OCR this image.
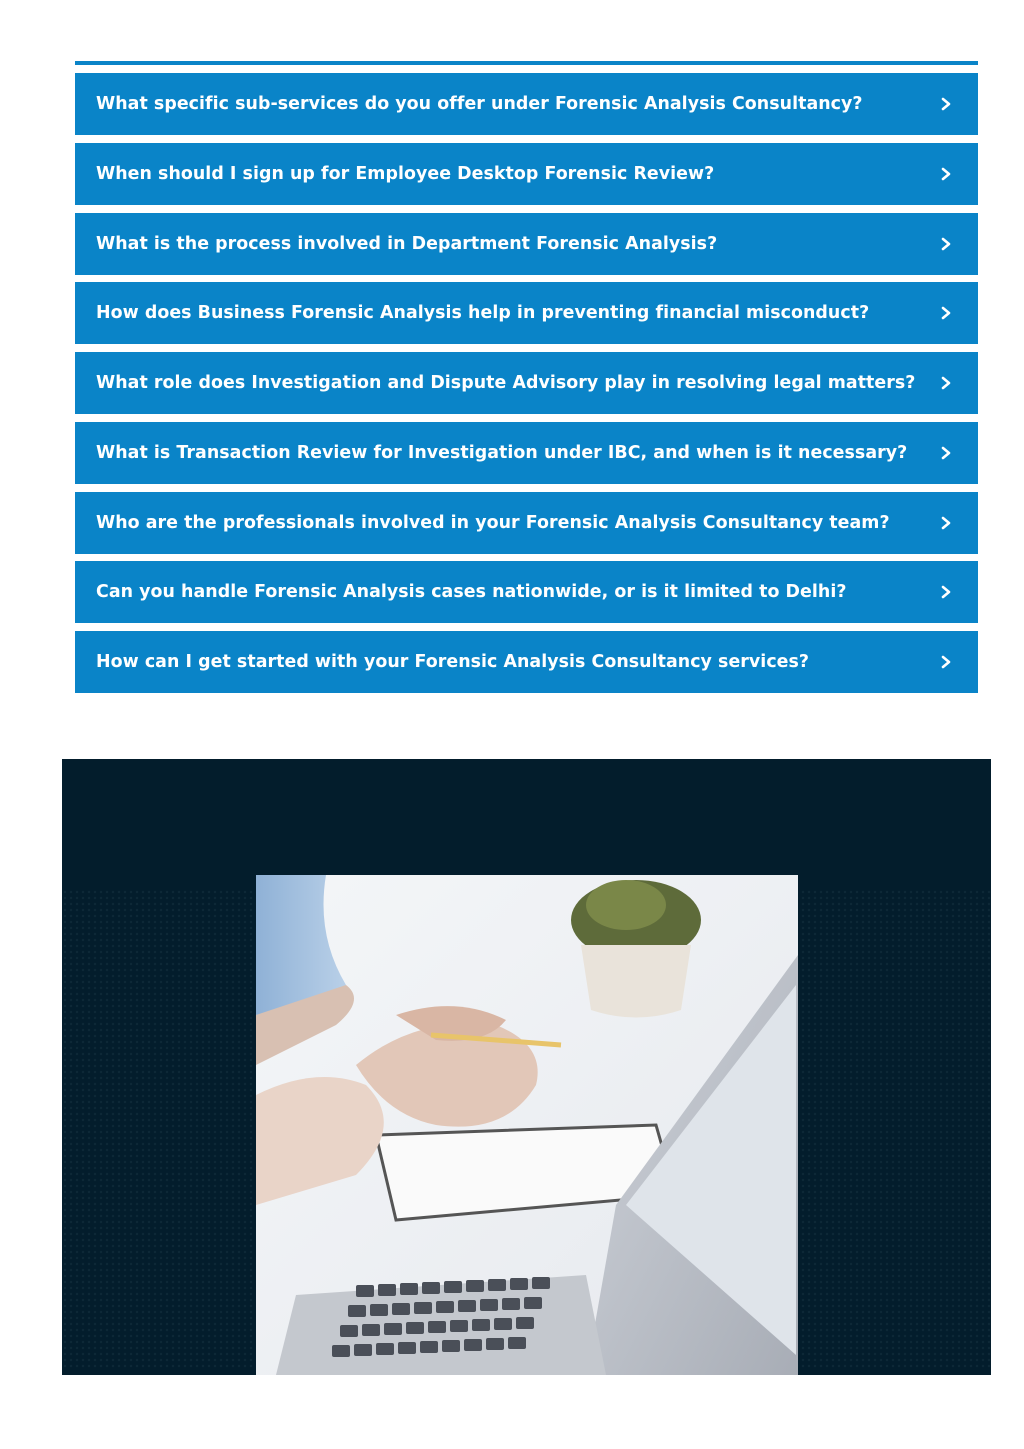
What specific sub-services do you offer under Forensic Analysis Consultancy?
When should I sign up for Employee Desktop Forensic Review?
What is the process involved in Department Forensic Analysis?
How does Business Forensic Analysis help in preventing financial misconduct?
What role does Investigation and Dispute Advisory play in resolving legal matters?
What is Transaction Review for Investigation under IBC, and when is it necessary?
Who are the professionals involved in your Forensic Analysis Consultancy team?
Can you handle Forensic Analysis cases nationwide, or is it limited to Delhi?
How can I get started with your Forensic Analysis Consultancy services?
